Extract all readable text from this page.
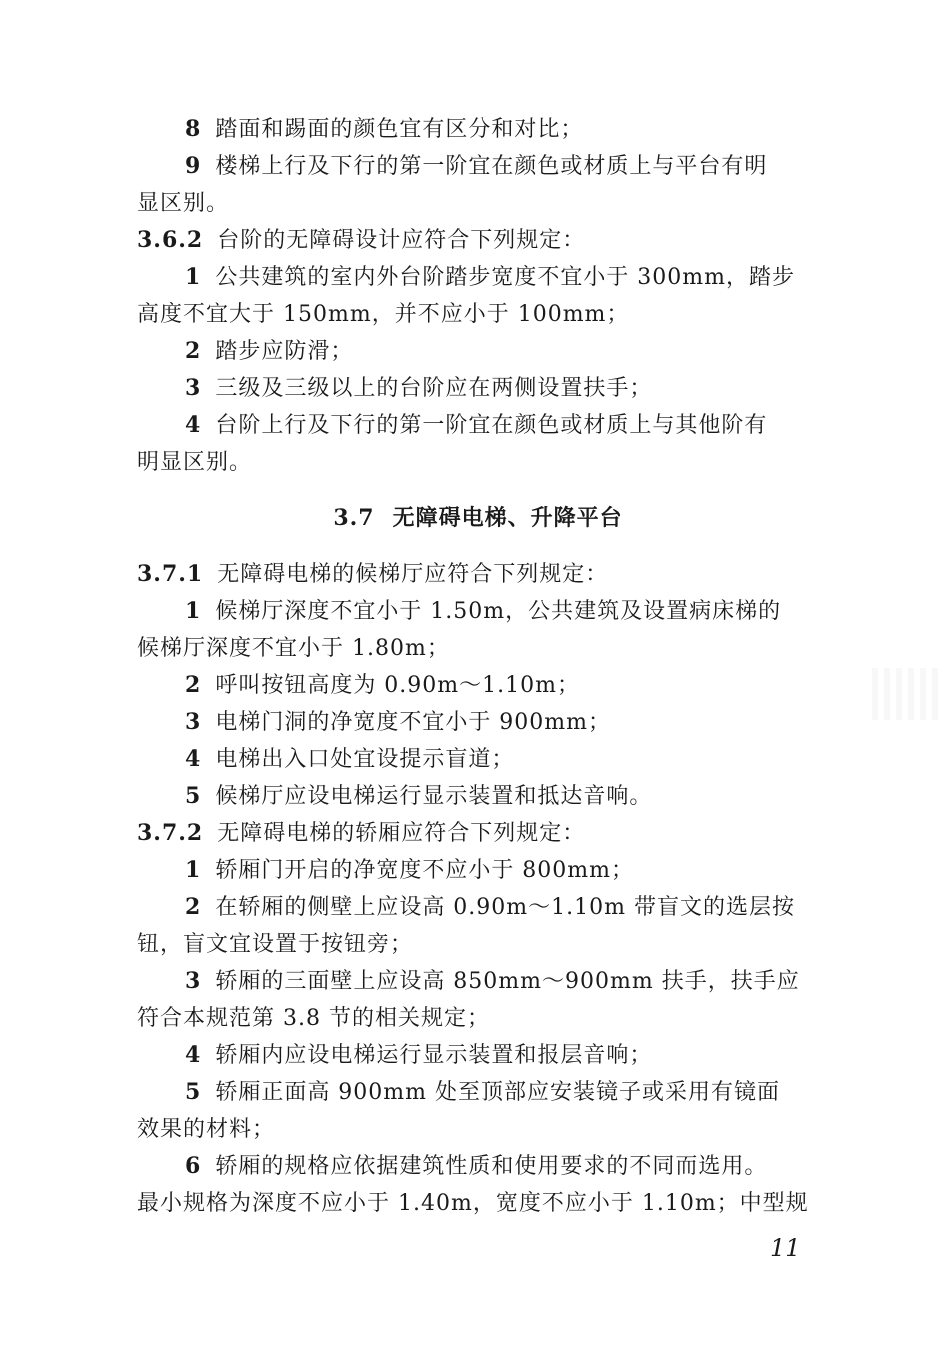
8 踏面和踢面的颜色宜有区分和对比；
9 楼梯上行及下行的第一阶宜在颜色或材质上与平台有明
显区别。
3.6.2 台阶的无障碍设计应符合下列规定：
1 公共建筑的室内外台阶踏步宽度不宜小于 300mm，踏步
高度不宜大于 150mm，并不应小于 100mm；
2 踏步应防滑；
3 三级及三级以上的台阶应在两侧设置扶手；
4 台阶上行及下行的第一阶宜在颜色或材质上与其他阶有
明显区别。
3.7 无障碍电梯、升降平台
3.7.1 无障碍电梯的候梯厅应符合下列规定：
1 候梯厅深度不宜小于 1.50m，公共建筑及设置病床梯的
候梯厅深度不宜小于 1.80m；
2 呼叫按钮高度为 0.90m～1.10m；
3 电梯门洞的净宽度不宜小于 900mm；
4 电梯出入口处宜设提示盲道；
5 候梯厅应设电梯运行显示装置和抵达音响。
3.7.2 无障碍电梯的轿厢应符合下列规定：
1 轿厢门开启的净宽度不应小于 800mm；
2 在轿厢的侧壁上应设高 0.90m～1.10m 带盲文的选层按
钮，盲文宜设置于按钮旁；
3 轿厢的三面壁上应设高 850mm～900mm 扶手，扶手应
符合本规范第 3.8 节的相关规定；
4 轿厢内应设电梯运行显示装置和报层音响；
5 轿厢正面高 900mm 处至顶部应安装镜子或采用有镜面
效果的材料；
6 轿厢的规格应依据建筑性质和使用要求的不同而选用。
最小规格为深度不应小于 1.40m，宽度不应小于 1.10m；中型规
11
